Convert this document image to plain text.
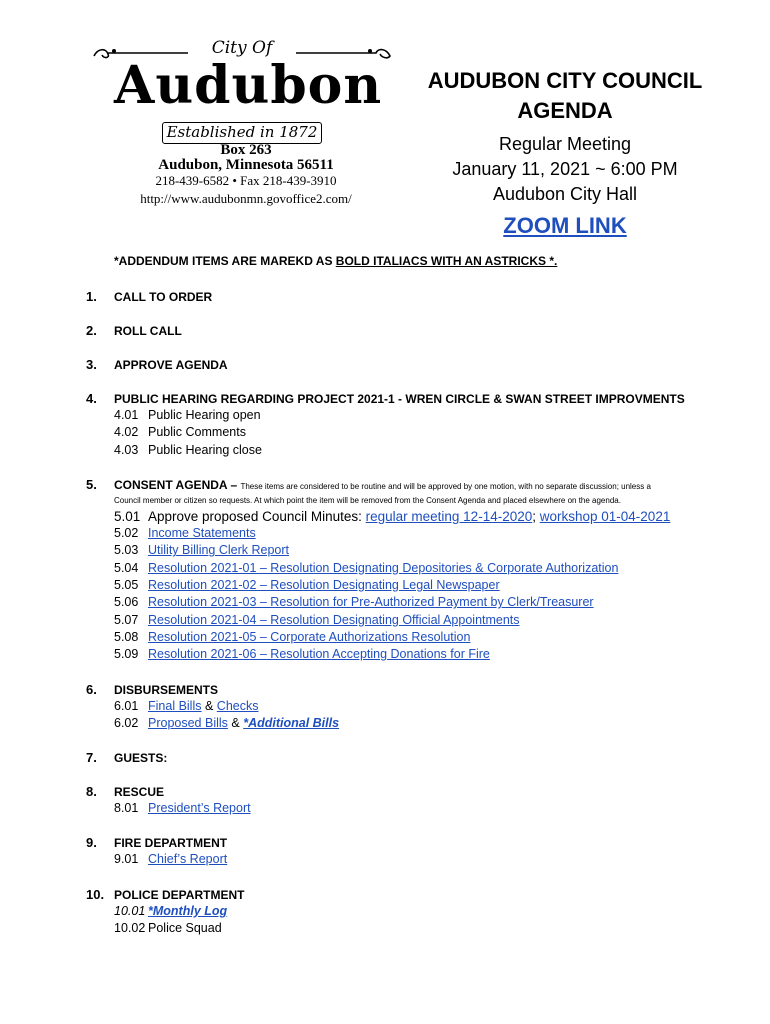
City Of
Audubon
Established in 1872
Box 263
Audubon, Minnesota 56511
218-439-6582 • Fax 218-439-3910
http://www.audubonmn.govoffice2.com/
AUDUBON CITY COUNCIL
AGENDA
Regular Meeting
January 11, 2021 ~ 6:00 PM
Audubon City Hall
ZOOM LINK
*ADDENDUM ITEMS ARE MAREKD AS BOLD ITALIACS WITH AN ASTRICKS *.
1.	CALL TO ORDER
2.	ROLL CALL
3.	APPROVE AGENDA
4.	PUBLIC HEARING REGARDING PROJECT 2021-1 - WREN CIRCLE & SWAN STREET IMPROVMENTS
4.01 Public Hearing open
4.02 Public Comments
4.03 Public Hearing close
5.	CONSENT AGENDA – These items are considered to be routine and will be approved by one motion, with no separate discussion; unless a
Council member or citizen so requests. At which point the item will be removed from the Consent Agenda and placed elsewhere on the agenda.
5.01 Approve proposed Council Minutes: regular meeting 12-14-2020; workshop 01-04-2021
5.02 Income Statements
5.03 Utility Billing Clerk Report
5.04 Resolution 2021-01 – Resolution Designating Depositories & Corporate Authorization
5.05 Resolution 2021-02 – Resolution Designating Legal Newspaper
5.06 Resolution 2021-03 – Resolution for Pre-Authorized Payment by Clerk/Treasurer
5.07 Resolution 2021-04 – Resolution Designating Official Appointments
5.08 Resolution 2021-05 – Corporate Authorizations Resolution
5.09 Resolution 2021-06 – Resolution Accepting Donations for Fire
6.	DISBURSEMENTS
6.01 Final Bills & Checks
6.02 Proposed Bills & *Additional Bills
7.	GUESTS:
8.	RESCUE
8.01 President’s Report
9.	FIRE DEPARTMENT
9.01 Chief’s Report
10. POLICE DEPARTMENT
10.01 *Monthly Log
10.02 Police Squad
